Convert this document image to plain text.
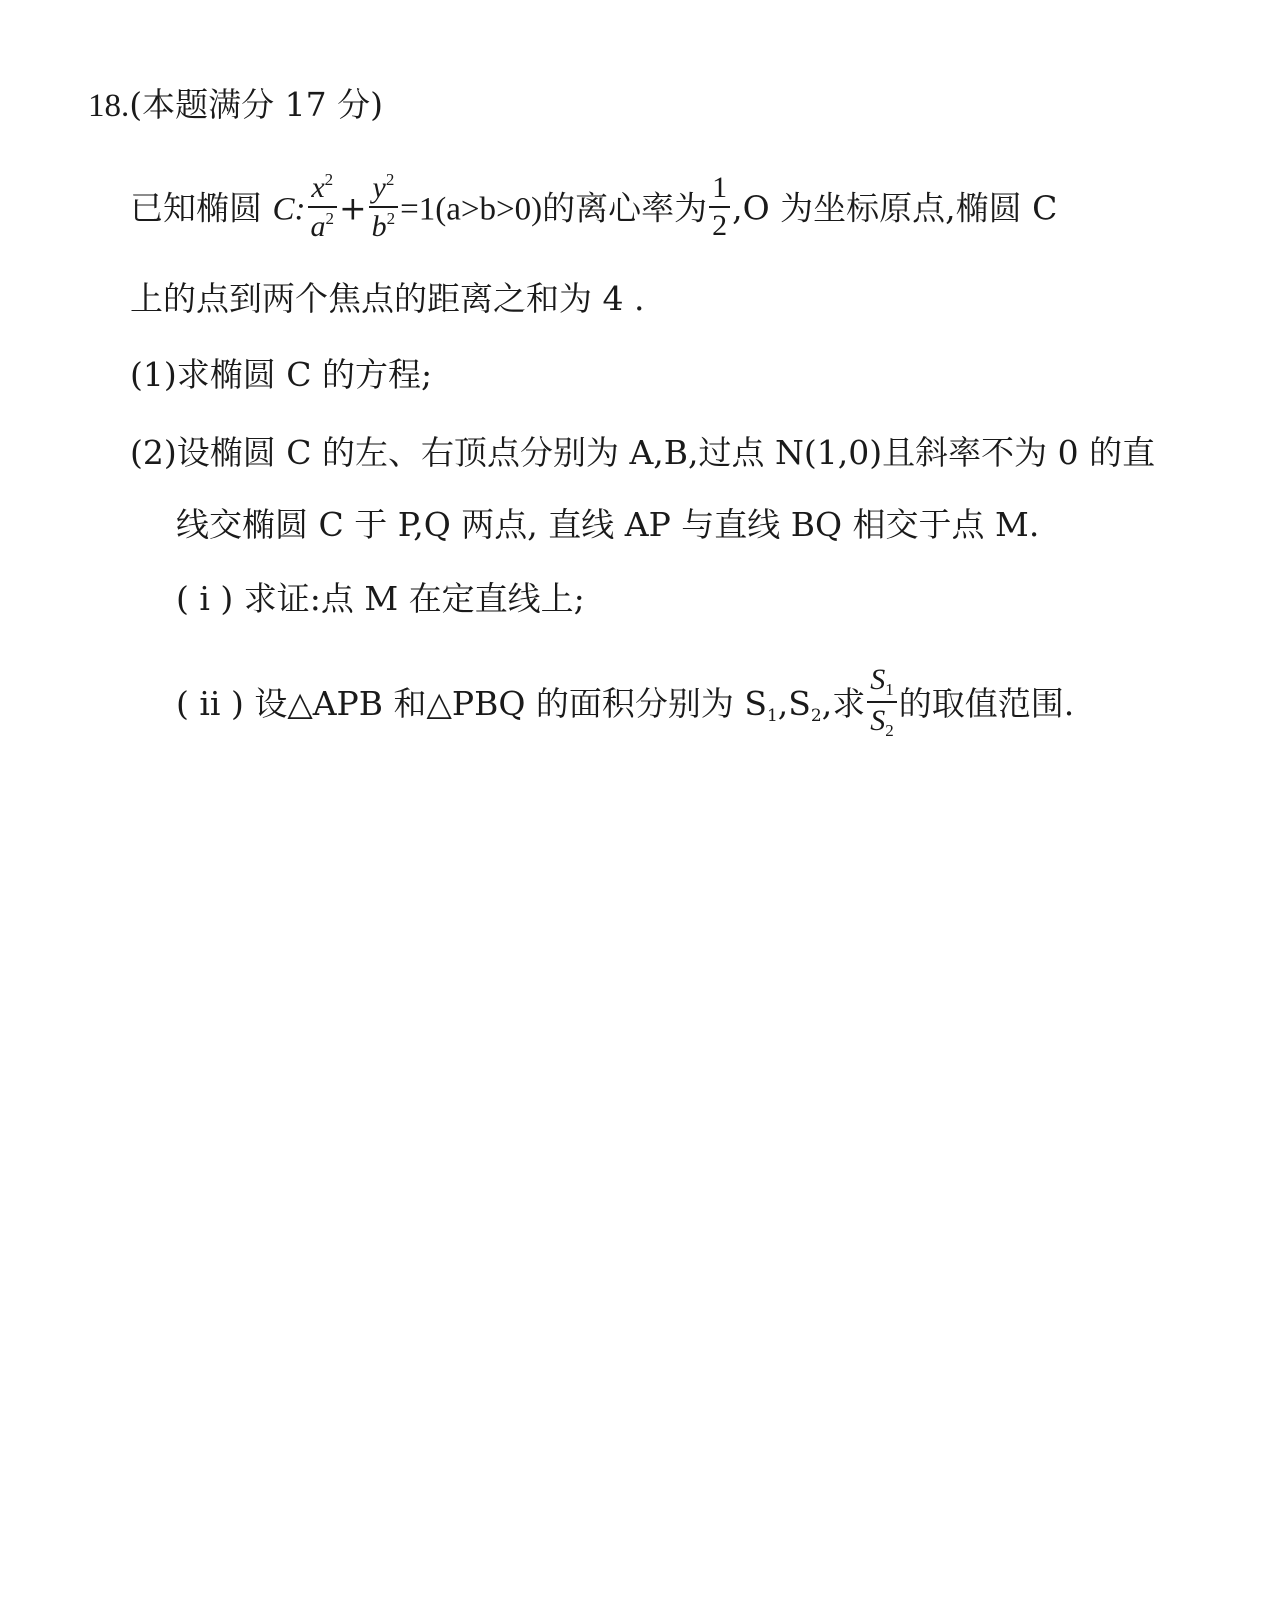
18.(本题满分 17 分)
已知椭圆 C: $\frac{x^2}{a^2} + \frac{y^2}{b^2} =1(a>b>0)$的离心率为 $\frac{1}{2} ,O$ 为坐标原点,椭圆 C
上的点到两个焦点的距离之和为 4 .
(1)求椭圆 C 的方程;
(2)设椭圆 C 的左、右顶点分别为 A,B,过点 N(1,0)且斜率不为 0 的直
线交椭圆 C 于 P,Q 两点, 直线 AP 与直线 BQ 相交于点 M.
( i ) 求证:点 M 在定直线上;
( ii ) 设△APB 和△PBQ 的面积分别为 $S_1,S_2$,求 $\frac{S_1}{S_2}$ 的取值范围.
